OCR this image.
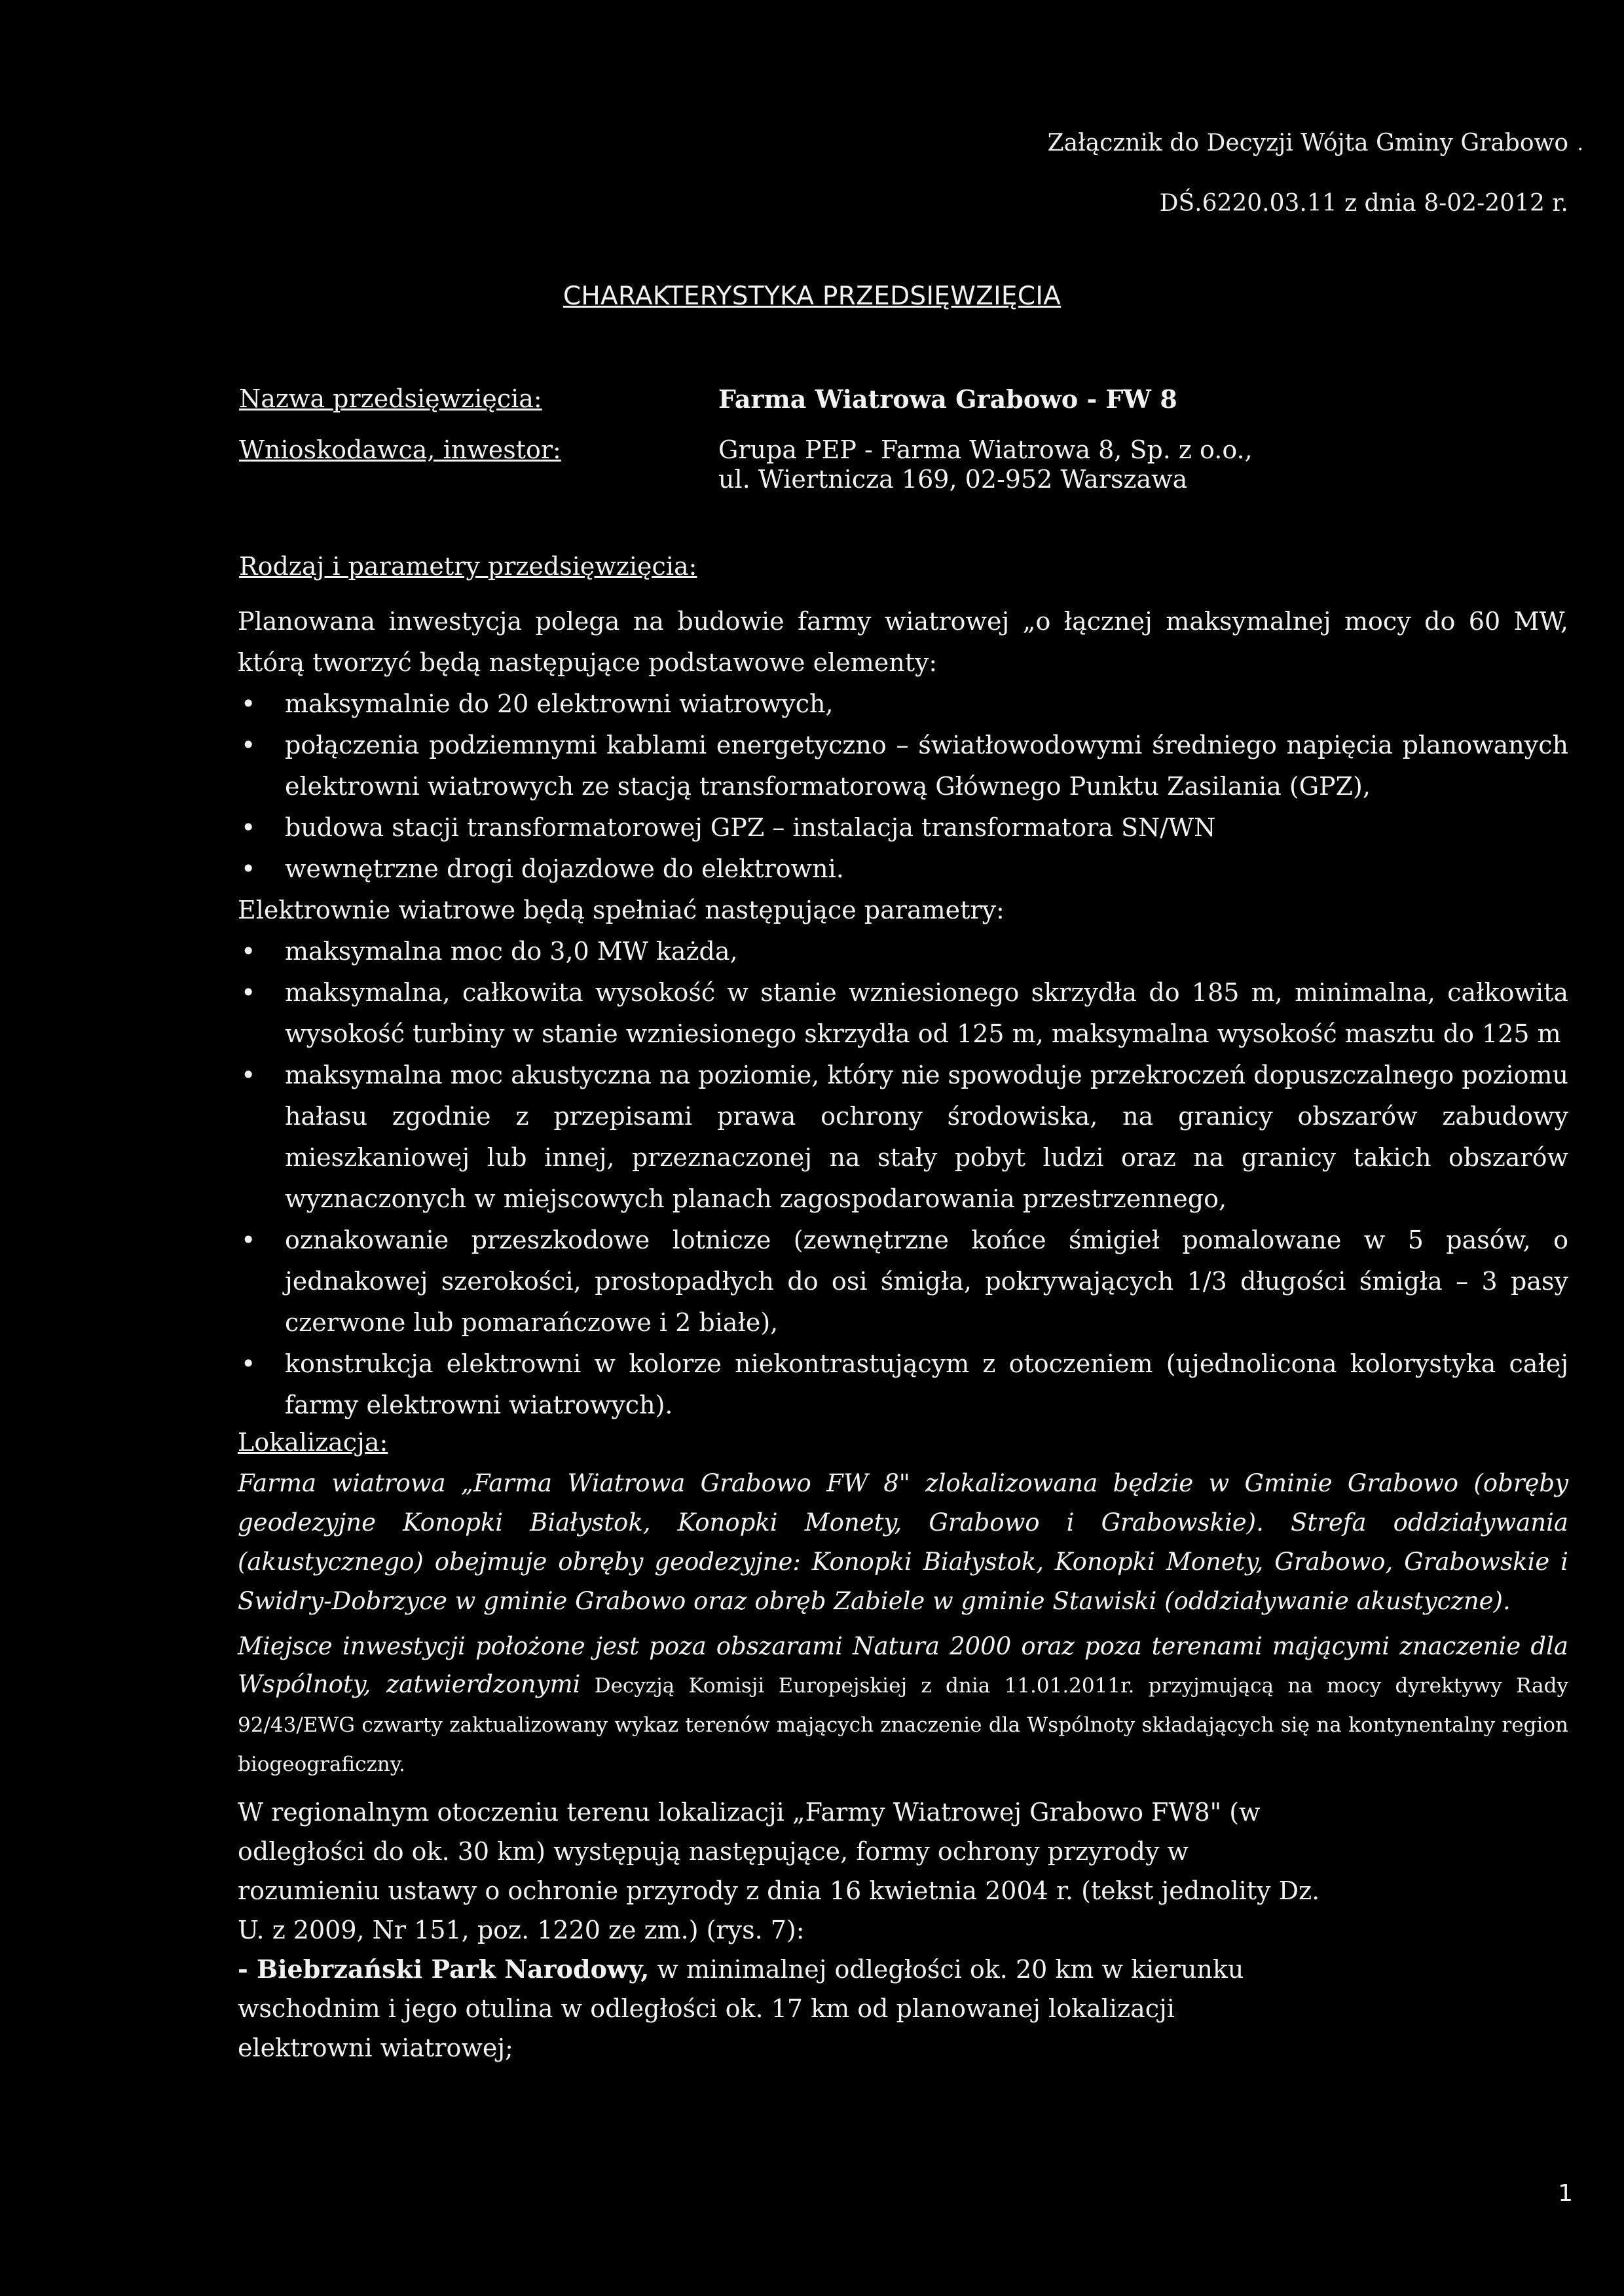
Załącznik do Decyzji Wójta Gminy Grabowo .
DŚ.6220.03.11 z dnia 8-02-2012 r.
CHARAKTERYSTYKA PRZEDSIĘWZIĘCIA
Nazwa przedsięwzięcia:	Farma Wiatrowa Grabowo - FW 8
Wnioskodawca, inwestor:	Grupa PEP - Farma Wiatrowa 8, Sp. z o.o.,
ul. Wiertnicza 169, 02-952 Warszawa
Rodzaj i parametry przedsięwzięcia:
Planowana inwestycja polega na budowie farmy wiatrowej „o łącznej maksymalnej mocy do 60 MW, którą tworzyć będą następujące podstawowe elementy:
• maksymalnie do 20 elektrowni wiatrowych,
• połączenia podziemnymi kablami energetyczno – światłowodowymi średniego napięcia planowanych elektrowni wiatrowych ze stacją transformatorową Głównego Punktu Zasilania (GPZ),
• budowa stacji transformatorowej GPZ – instalacja transformatora SN/WN
• wewnętrzne drogi dojazdowe do elektrowni.
Elektrownie wiatrowe będą spełniać następujące parametry:
• maksymalna moc do 3,0 MW każda,
• maksymalna, całkowita wysokość w stanie wzniesionego skrzydła do 185 m, minimalna, całkowita wysokość turbiny w stanie wzniesionego skrzydła od 125 m, maksymalna wysokość masztu do 125 m
• maksymalna moc akustyczna na poziomie, który nie spowoduje przekroczeń dopuszczalnego poziomu hałasu zgodnie z przepisami prawa ochrony środowiska, na granicy obszarów zabudowy mieszkaniowej lub innej, przeznaczonej na stały pobyt ludzi oraz na granicy takich obszarów wyznaczonych w miejscowych planach zagospodarowania przestrzennego,
• oznakowanie przeszkodowe lotnicze (zewnętrzne końce śmigieł pomalowane w 5 pasów, o jednakowej szerokości, prostopadłych do osi śmigła, pokrywających 1/3 długości śmigła – 3 pasy czerwone lub pomarańczowe i 2 białe),
• konstrukcja elektrowni w kolorze niekontrastującym z otoczeniem (ujednolicona kolorystyka całej farmy elektrowni wiatrowych).
Lokalizacja:
Farma wiatrowa „Farma Wiatrowa Grabowo FW 8" zlokalizowana będzie w Gminie Grabowo (obręby geodezyjne Konopki Białystok, Konopki Monety, Grabowo i Grabowskie). Strefa oddziaływania (akustycznego) obejmuje obręby geodezyjne: Konopki Białystok, Konopki Monety, Grabowo, Grabowskie i Swidry-Dobrzyce w gminie Grabowo oraz obręb Zabiele w gminie Stawiski (oddziaływanie akustyczne).
Miejsce inwestycji położone jest poza obszarami Natura 2000 oraz poza terenami mającymi znaczenie dla Wspólnoty, zatwierdzonymi Decyzją Komisji Europejskiej z dnia 11.01.2011r. przyjmującą na mocy dyrektywy Rady 92/43/EWG czwarty zaktualizowany wykaz terenów mających znaczenie dla Wspólnoty składających się na kontynentalny region biogeograficzny.
W regionalnym otoczeniu terenu lokalizacji „Farmy Wiatrowej Grabowo FW8" (w
odległości do ok. 30 km) występują następujące, formy ochrony przyrody w
rozumieniu ustawy o ochronie przyrody z dnia 16 kwietnia 2004 r. (tekst jednolity Dz.
U. z 2009, Nr 151, poz. 1220 ze zm.) (rys. 7):
- Biebrzański Park Narodowy, w minimalnej odległości ok. 20 km w kierunku
wschodnim i jego otulina w odległości ok. 17 km od planowanej lokalizacji
elektrowni wiatrowej;
1
